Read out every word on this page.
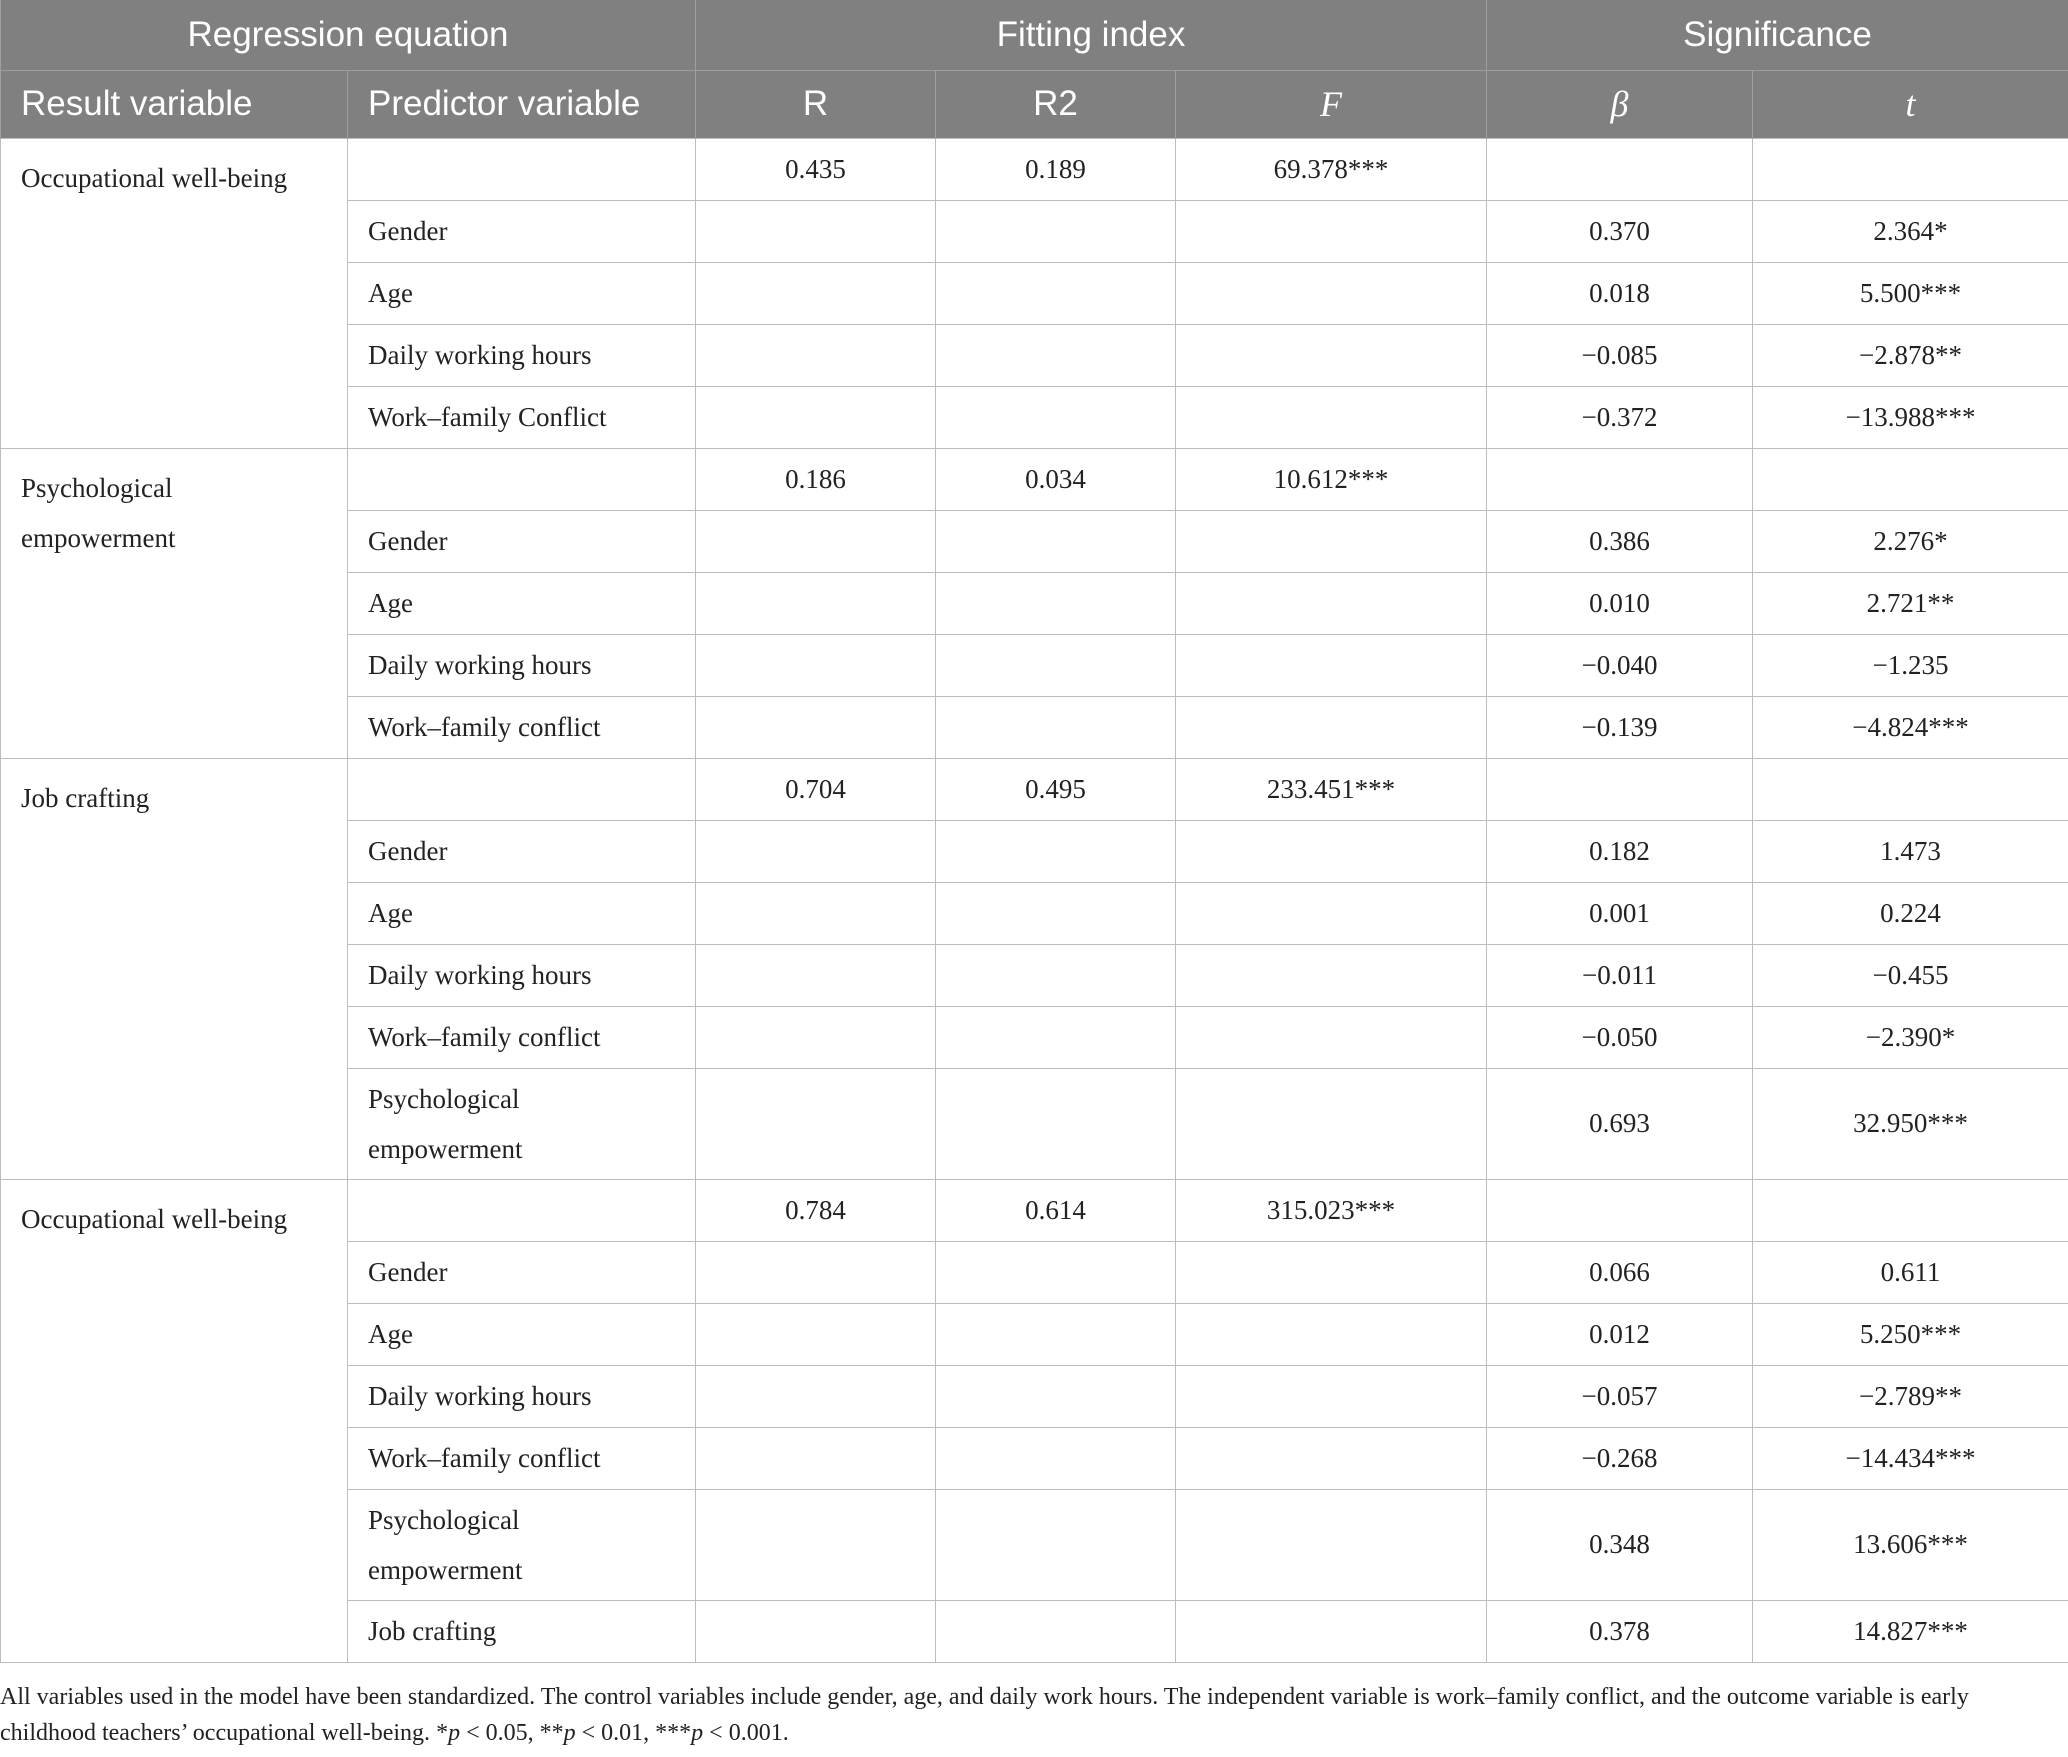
Regression equation		Fitting index			Significance	
Result variable	Predictor variable	R	R2	F	β	t
Occupational well-being		0.435	0.189	69.378***		
	Gender				0.370	2.364*
	Age				0.018	5.500***
	Daily working hours				−0.085	−2.878**
	Work–family Conflict				−0.372	−13.988***
Psychological empowerment		0.186	0.034	10.612***		
	Gender				0.386	2.276*
	Age				0.010	2.721**
	Daily working hours				−0.040	−1.235
	Work–family conflict				−0.139	−4.824***
Job crafting		0.704	0.495	233.451***		
	Gender				0.182	1.473
	Age				0.001	0.224
	Daily working hours				−0.011	−0.455
	Work–family conflict				−0.050	−2.390*
	Psychological empowerment				0.693	32.950***
Occupational well-being		0.784	0.614	315.023***		
	Gender				0.066	0.611
	Age				0.012	5.250***
	Daily working hours				−0.057	−2.789**
	Work–family conflict				−0.268	−14.434***
	Psychological empowerment				0.348	13.606***
	Job crafting				0.378	14.827***

All variables used in the model have been standardized. The control variables include gender, age, and daily work hours. The independent variable is work–family conflict, and the outcome variable is early childhood teachers’ occupational well-being. *p < 0.05, **p < 0.01, ***p < 0.001.
